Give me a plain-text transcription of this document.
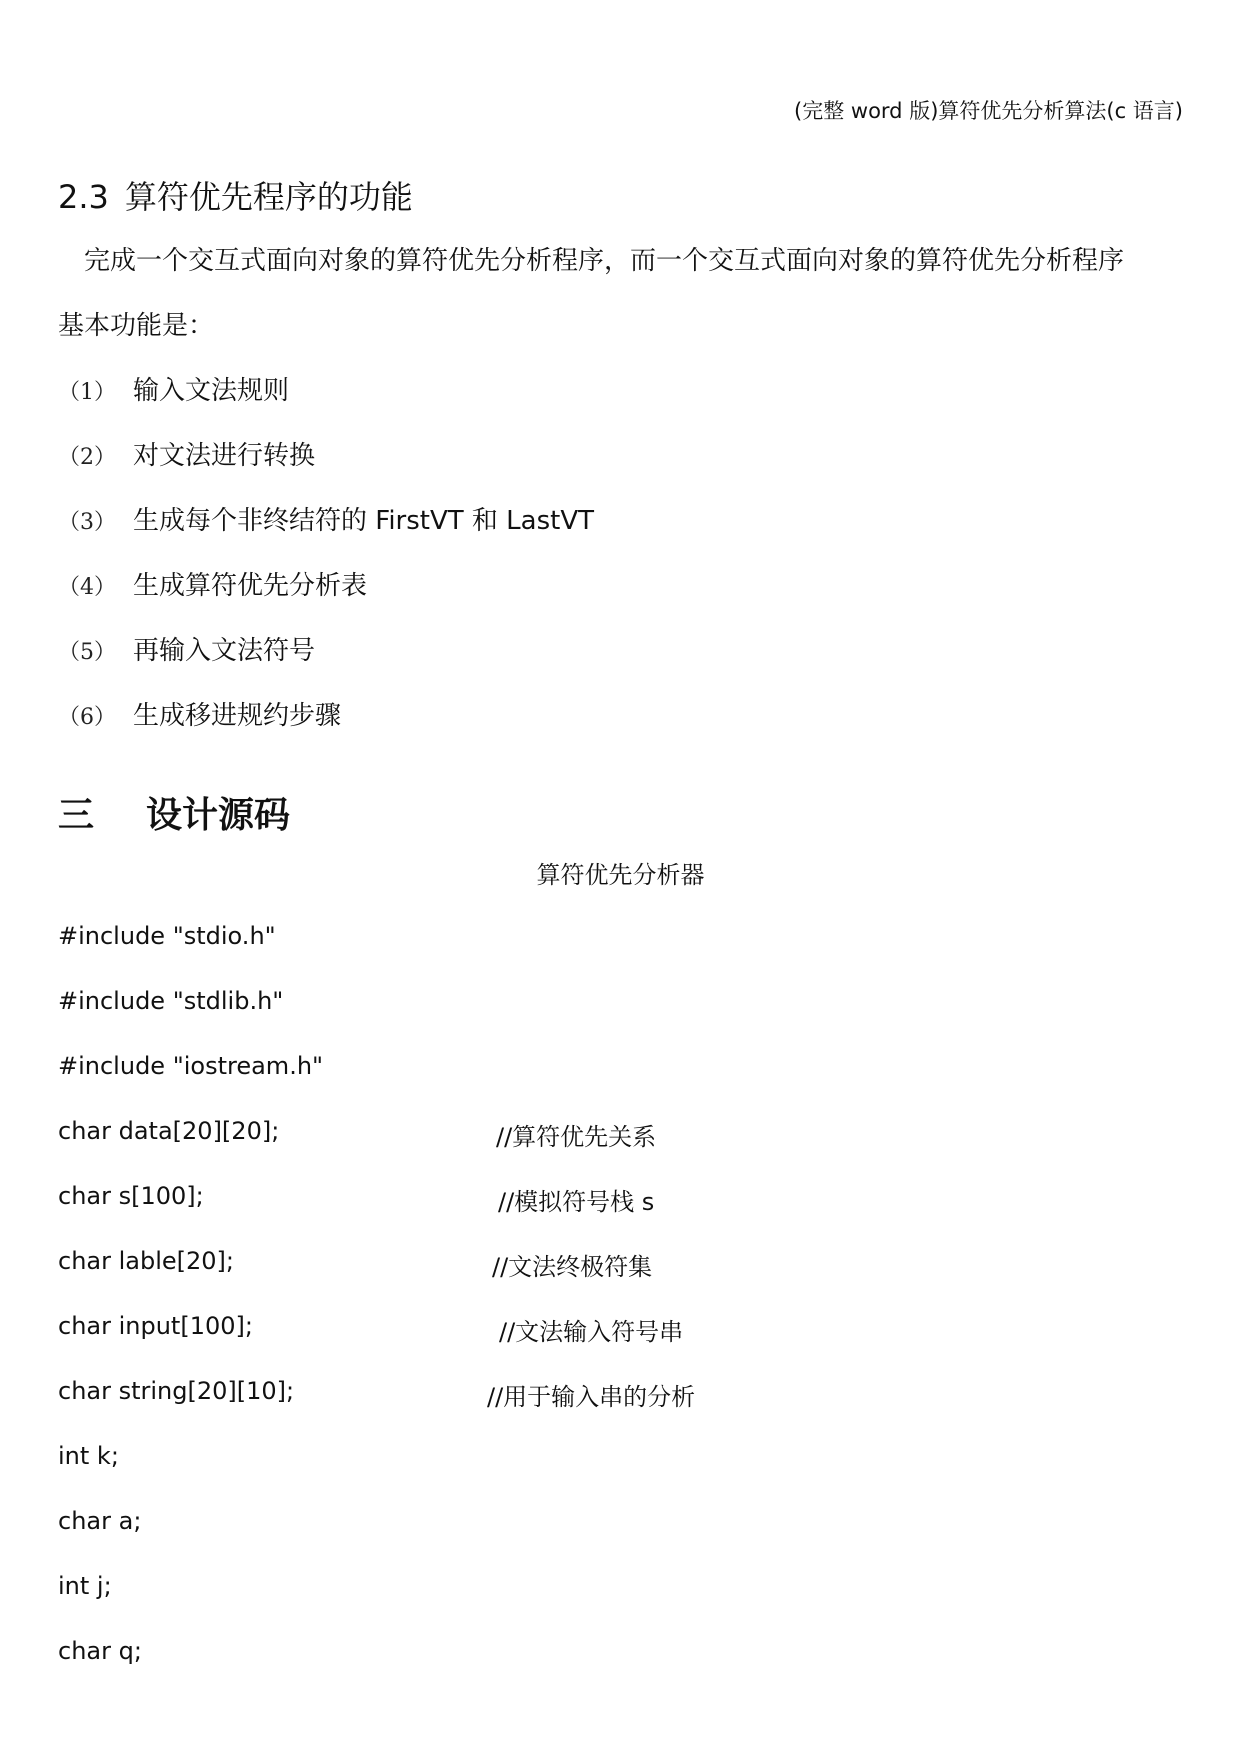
(完整 word 版)算符优先分析算法(c 语言)
2.3 算符优先程序的功能
完成一个交互式面向对象的算符优先分析程序，而一个交互式面向对象的算符优先分析程序
基本功能是：
（1） 输入文法规则
（2） 对文法进行转换
（3） 生成每个非终结符的 FirstVT 和 LastVT
（4） 生成算符优先分析表
（5） 再输入文法符号
（6） 生成移进规约步骤
三 设计源码
算符优先分析器
#include "stdio.h"
#include "stdlib.h"
#include "iostream.h"
char data[20][20];	//算符优先关系
char s[100];	//模拟符号栈 s
char lable[20];	//文法终极符集
char input[100];	//文法输入符号串
char string[20][10];	//用于输入串的分析
int k;
char a;
int j;
char q;
